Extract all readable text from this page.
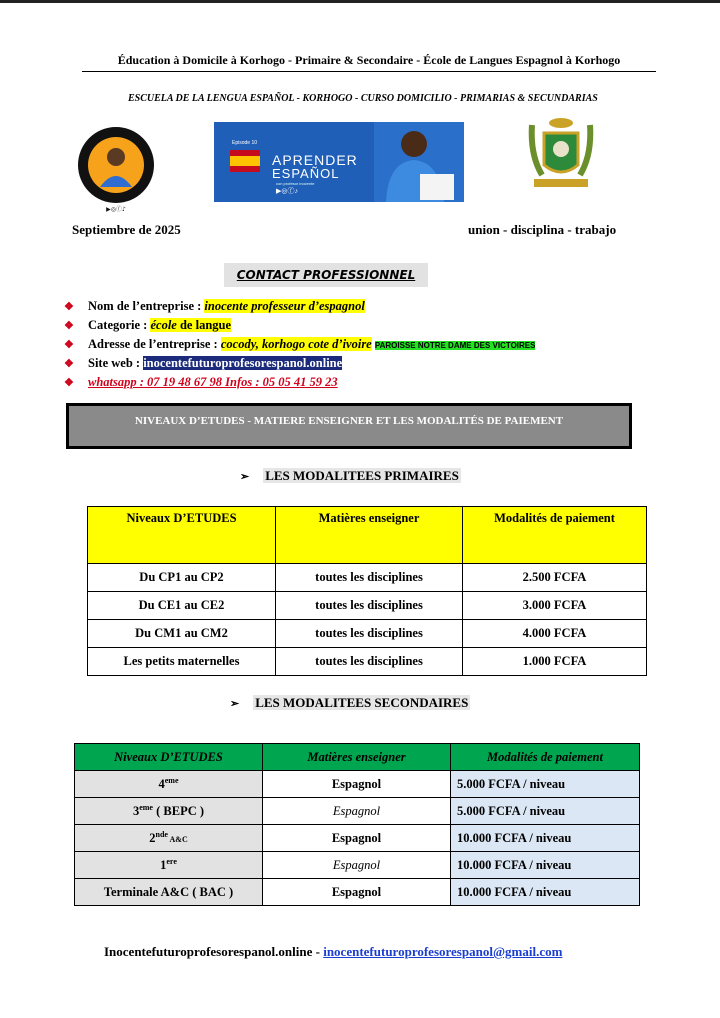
Éducation à Domicile à Korhogo - Primaire & Secondaire - École de Langues Espagnol à Korhogo
ESCUELA DE LA LENGUA ESPAÑOL - KORHOGO - CURSO DOMICILIO - PRIMARIAS & SECUNDARIAS
▶◎ⓕ♪
Episode 10
APRENDER
ESPAÑOL
con profesor inocente
▶◎ⓕ♪
Septiembre de 2025	union - disciplina - trabajo
CONTACT PROFESSIONNEL
❖ Nom de l’entreprise : inocente professeur d’espagnol
❖ Categorie : école de langue
❖ Adresse de l’entreprise : cocody, korhogo cote d’ivoire PAROISSE NOTRE DAME DES VICTOIRES
❖ Site web : inocentefuturoprofesorespanol.online
❖ whatsapp : 07 19 48 67 98 Infos : 05 05 41 59 23
NIVEAUX D’ETUDES - MATIERE ENSEIGNER ET LES MODALITÉS DE PAIEMENT
➢ LES MODALITEES PRIMAIRES
Niveaux D’ETUDES	Matières enseigner	Modalités de paiement
Du CP1 au CP2	toutes les disciplines	2.500 FCFA
Du CE1 au CE2	toutes les disciplines	3.000 FCFA
Du CM1 au CM2	toutes les disciplines	4.000 FCFA
Les petits maternelles	toutes les disciplines	1.000 FCFA
➢ LES MODALITEES SECONDAIRES
Niveaux D’ETUDES	Matières enseigner	Modalités de paiement
4eme	Espagnol	5.000 FCFA / niveau
3eme ( BEPC )	Espagnol	5.000 FCFA / niveau
2nde A&C	Espagnol	10.000 FCFA / niveau
1ere	Espagnol	10.000 FCFA / niveau
Terminale A&C ( BAC )	Espagnol	10.000 FCFA / niveau
Inocentefuturoprofesorespanol.online - inocentefuturoprofesorespanol@gmail.com
